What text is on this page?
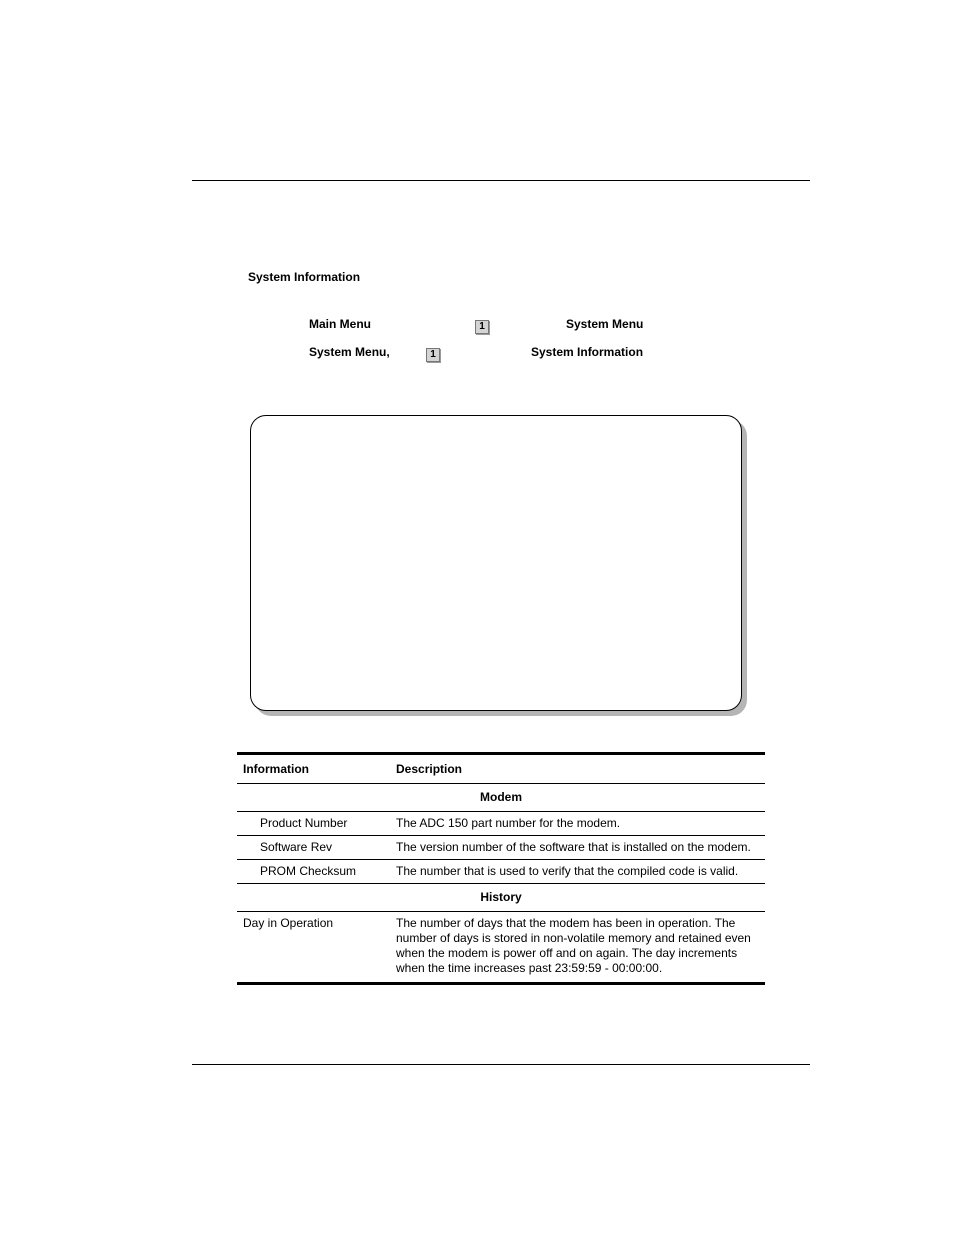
System Information
Main Menu	1	System Menu
System Menu,	1	System Information
Information	Description
Modem	
Product Number	The ADC 150 part number for the modem.
Software Rev	The version number of the software that is installed on the modem.
PROM Checksum	The number that is used to verify that the compiled code is valid.
History	
Day in Operation	The number of days that the modem has been in operation. The number of days is stored in non-volatile memory and retained even when the modem is power off and on again. The day increments when the time increases past 23:59:59 - 00:00:00.
